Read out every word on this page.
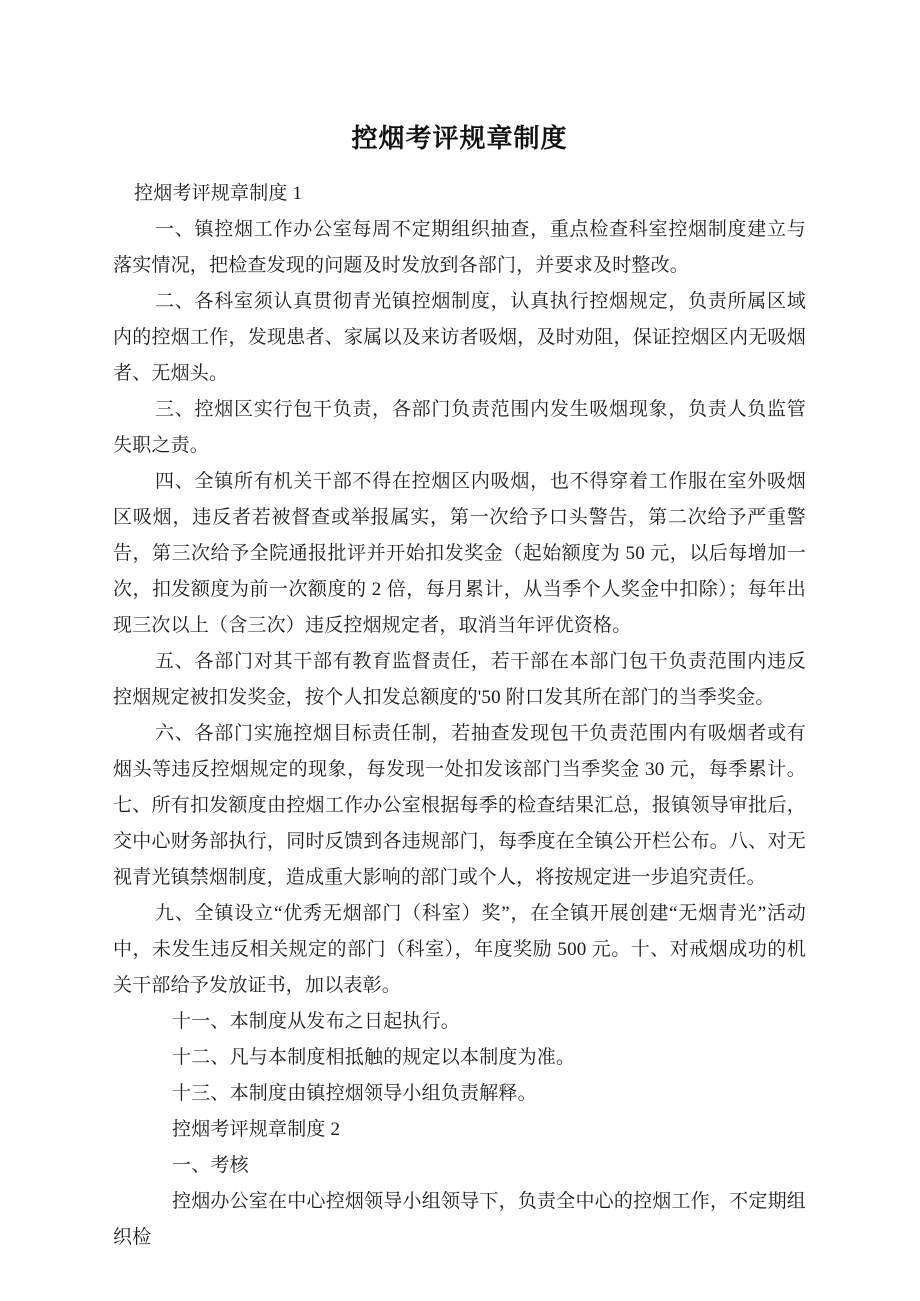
控烟考评规章制度

控烟考评规章制度 1

一、镇控烟工作办公室每周不定期组织抽查，重点检查科室控烟制度建立与落实情况，把检查发现的问题及时发放到各部门，并要求及时整改。

二、各科室须认真贯彻青光镇控烟制度，认真执行控烟规定，负责所属区域内的控烟工作，发现患者、家属以及来访者吸烟，及时劝阻，保证控烟区内无吸烟者、无烟头。

三、控烟区实行包干负责，各部门负责范围内发生吸烟现象，负责人负监管失职之责。

四、全镇所有机关干部不得在控烟区内吸烟，也不得穿着工作服在室外吸烟区吸烟，违反者若被督查或举报属实，第一次给予口头警告，第二次给予严重警告，第三次给予全院通报批评并开始扣发奖金（起始额度为 50 元，以后每增加一次，扣发额度为前一次额度的 2 倍，每月累计，从当季个人奖金中扣除）；每年出现三次以上（含三次）违反控烟规定者，取消当年评优资格。

五、各部门对其干部有教育监督责任，若干部在本部门包干负责范围内违反控烟规定被扣发奖金，按个人扣发总额度的'50 附口发其所在部门的当季奖金。

六、各部门实施控烟目标责任制，若抽查发现包干负责范围内有吸烟者或有烟头等违反控烟规定的现象，每发现一处扣发该部门当季奖金 30 元，每季累计。七、所有扣发额度由控烟工作办公室根据每季的检查结果汇总，报镇领导审批后，交中心财务部执行，同时反馈到各违规部门，每季度在全镇公开栏公布。八、对无视青光镇禁烟制度，造成重大影响的部门或个人，将按规定进一步追究责任。

九、全镇设立“优秀无烟部门（科室）奖”，在全镇开展创建“无烟青光”活动中，未发生违反相关规定的部门（科室），年度奖励 500 元。十、对戒烟成功的机关干部给予发放证书，加以表彰。

十一、本制度从发布之日起执行。

十二、凡与本制度相抵触的规定以本制度为准。

十三、本制度由镇控烟领导小组负责解释。

控烟考评规章制度 2

一、考核

控烟办公室在中心控烟领导小组领导下，负责全中心的控烟工作，不定期组织检
